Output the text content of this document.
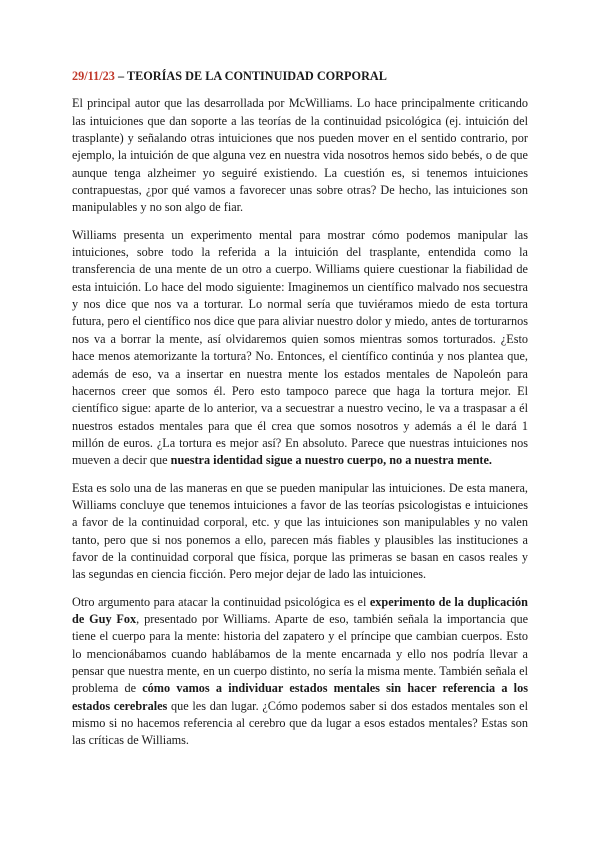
29/11/23 – TEORÍAS DE LA CONTINUIDAD CORPORAL

El principal autor que las desarrollada por McWilliams. Lo hace principalmente criticando las intuiciones que dan soporte a las teorías de la continuidad psicológica (ej. intuición del trasplante) y señalando otras intuiciones que nos pueden mover en el sentido contrario, por ejemplo, la intuición de que alguna vez en nuestra vida nosotros hemos sido bebés, o de que aunque tenga alzheimer yo seguiré existiendo. La cuestión es, si tenemos intuiciones contrapuestas, ¿por qué vamos a favorecer unas sobre otras? De hecho, las intuiciones son manipulables y no son algo de fiar.

Williams presenta un experimento mental para mostrar cómo podemos manipular las intuiciones, sobre todo la referida a la intuición del trasplante, entendida como la transferencia de una mente de un otro a cuerpo. Williams quiere cuestionar la fiabilidad de esta intuición. Lo hace del modo siguiente: Imaginemos un científico malvado nos secuestra y nos dice que nos va a torturar. Lo normal sería que tuviéramos miedo de esta tortura futura, pero el científico nos dice que para aliviar nuestro dolor y miedo, antes de torturarnos nos va a borrar la mente, así olvidaremos quien somos mientras somos torturados. ¿Esto hace menos atemorizante la tortura? No. Entonces, el científico continúa y nos plantea que, además de eso, va a insertar en nuestra mente los estados mentales de Napoleón para hacernos creer que somos él. Pero esto tampoco parece que haga la tortura mejor. El científico sigue: aparte de lo anterior, va a secuestrar a nuestro vecino, le va a traspasar a él nuestros estados mentales para que él crea que somos nosotros y además a él le dará 1 millón de euros. ¿La tortura es mejor así? En absoluto. Parece que nuestras intuiciones nos mueven a decir que nuestra identidad sigue a nuestro cuerpo, no a nuestra mente.

Esta es solo una de las maneras en que se pueden manipular las intuiciones. De esta manera, Williams concluye que tenemos intuiciones a favor de las teorías psicologistas e intuiciones a favor de la continuidad corporal, etc. y que las intuiciones son manipulables y no valen tanto, pero que si nos ponemos a ello, parecen más fiables y plausibles las instituciones a favor de la continuidad corporal que física, porque las primeras se basan en casos reales y las segundas en ciencia ficción. Pero mejor dejar de lado las intuiciones.

Otro argumento para atacar la continuidad psicológica es el experimento de la duplicación de Guy Fox, presentado por Williams. Aparte de eso, también señala la importancia que tiene el cuerpo para la mente: historia del zapatero y el príncipe que cambian cuerpos. Esto lo mencionábamos cuando hablábamos de la mente encarnada y ello nos podría llevar a pensar que nuestra mente, en un cuerpo distinto, no sería la misma mente. También señala el problema de cómo vamos a individuar estados mentales sin hacer referencia a los estados cerebrales que les dan lugar. ¿Cómo podemos saber si dos estados mentales son el mismo si no hacemos referencia al cerebro que da lugar a esos estados mentales? Estas son las críticas de Williams.
